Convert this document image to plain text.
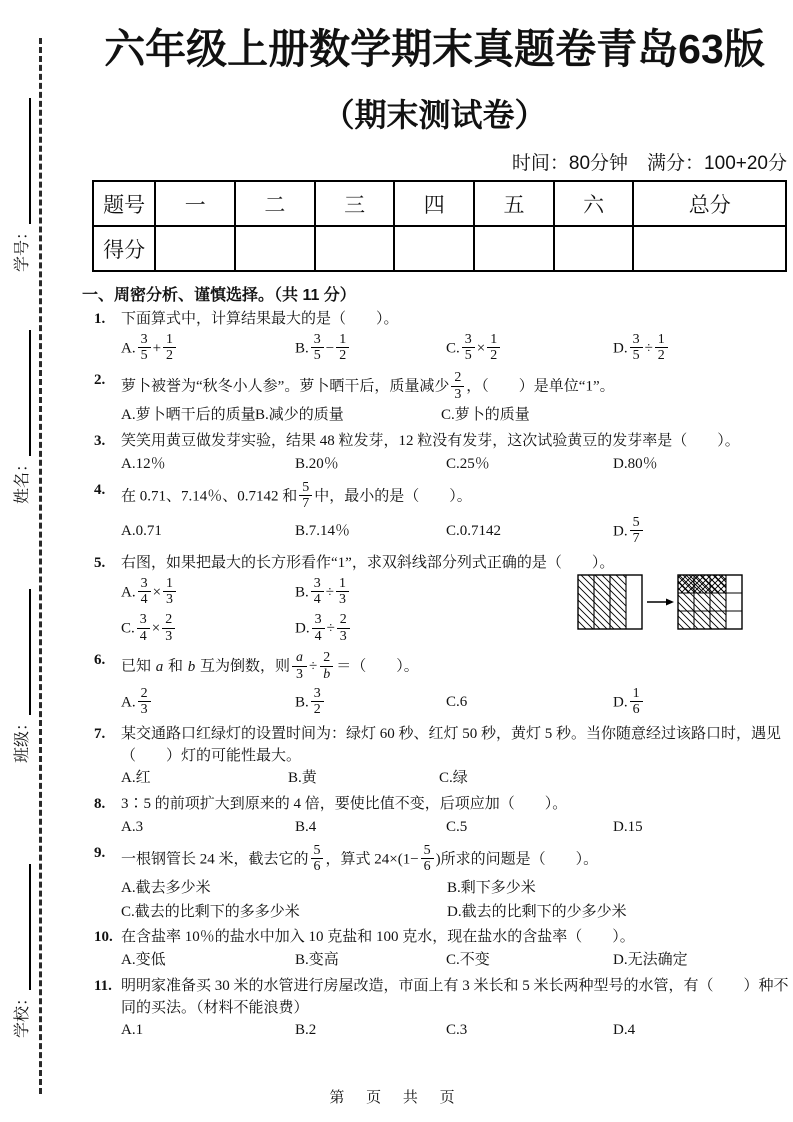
学号：
姓名：
班级：
学校：
六年级上册数学期末真题卷青岛63版
（期末测试卷）
时间：80分钟　满分：100+20分
题号	一	二	三	四	五	六	总分
得分							
一、周密分析、谨慎选择。（共 11 分）
1.	下面算式中，计算结果最大的是（　　）。
A. $\frac{3}{5} + \frac{1}{2}$	B. $\frac{3}{5} - \frac{1}{2}$	C. $\frac{3}{5} \times \frac{1}{2}$	D. $\frac{3}{5} \div \frac{1}{2}$
2.	萝卜被誉为“秋冬小人参”。萝卜晒干后，质量减少 $\frac{2}{3}$ ，（　　）是单位“1”。
A.萝卜晒干后的质量 B.减少的质量	C.萝卜的质量
3.	笑笑用黄豆做发芽实验，结果 48 粒发芽，12 粒没有发芽，这次试验黄豆的发芽率是（　　）。
A.12％	B.20％	C.25％	D.80％
4.	在 0.71、7.14％、0.7142 和 $\frac{5}{7}$ 中，最小的是（　　）。
A.0.71	B.7.14％	C.0.7142	D. $\frac{5}{7}$
5.	右图，如果把最大的长方形看作“1”，求双斜线部分列式正确的是（　　）。
A. $\frac{3}{4} \times \frac{1}{3}$	B. $\frac{3}{4} \div \frac{1}{3}$
C. $\frac{3}{4} \times \frac{2}{3}$	D. $\frac{3}{4} \div \frac{2}{3}$
6.	已知 a 和 b 互为倒数，则 $\frac{a}{3} \div \frac{2}{b}$ ＝（　　）。
A. $\frac{2}{3}$	B. $\frac{3}{2}$	C.6	D. $\frac{1}{6}$
7.	某交通路口红绿灯的设置时间为：绿灯 60 秒、红灯 50 秒，黄灯 5 秒。当你随意经过该路口时，遇见（　　）灯的可能性最大。
A.红	B.黄	C.绿
8.	3∶5 的前项扩大到原来的 4 倍，要使比值不变，后项应加（　　）。
A.3	B.4	C.5	D.15
9.	一根钢管长 24 米，截去它的 $\frac{5}{6}$ ，算式 $24\times(1- \frac{5}{6}$ )所求的问题是（　　）。
A.截去多少米	B.剩下多少米
C.截去的比剩下的多多少米	D.截去的比剩下的少多少米
10. 在含盐率 10％的盐水中加入 10 克盐和 100 克水，现在盐水的含盐率（　　）。
A.变低	B.变高	C.不变	D.无法确定
11. 明明家准备买 30 米的水管进行房屋改造，市面上有 3 米长和 5 米长两种型号的水管，有（　　）种不同的买法。（材料不能浪费）
A.1	B.2	C.3	D.4
第 页 共 页
